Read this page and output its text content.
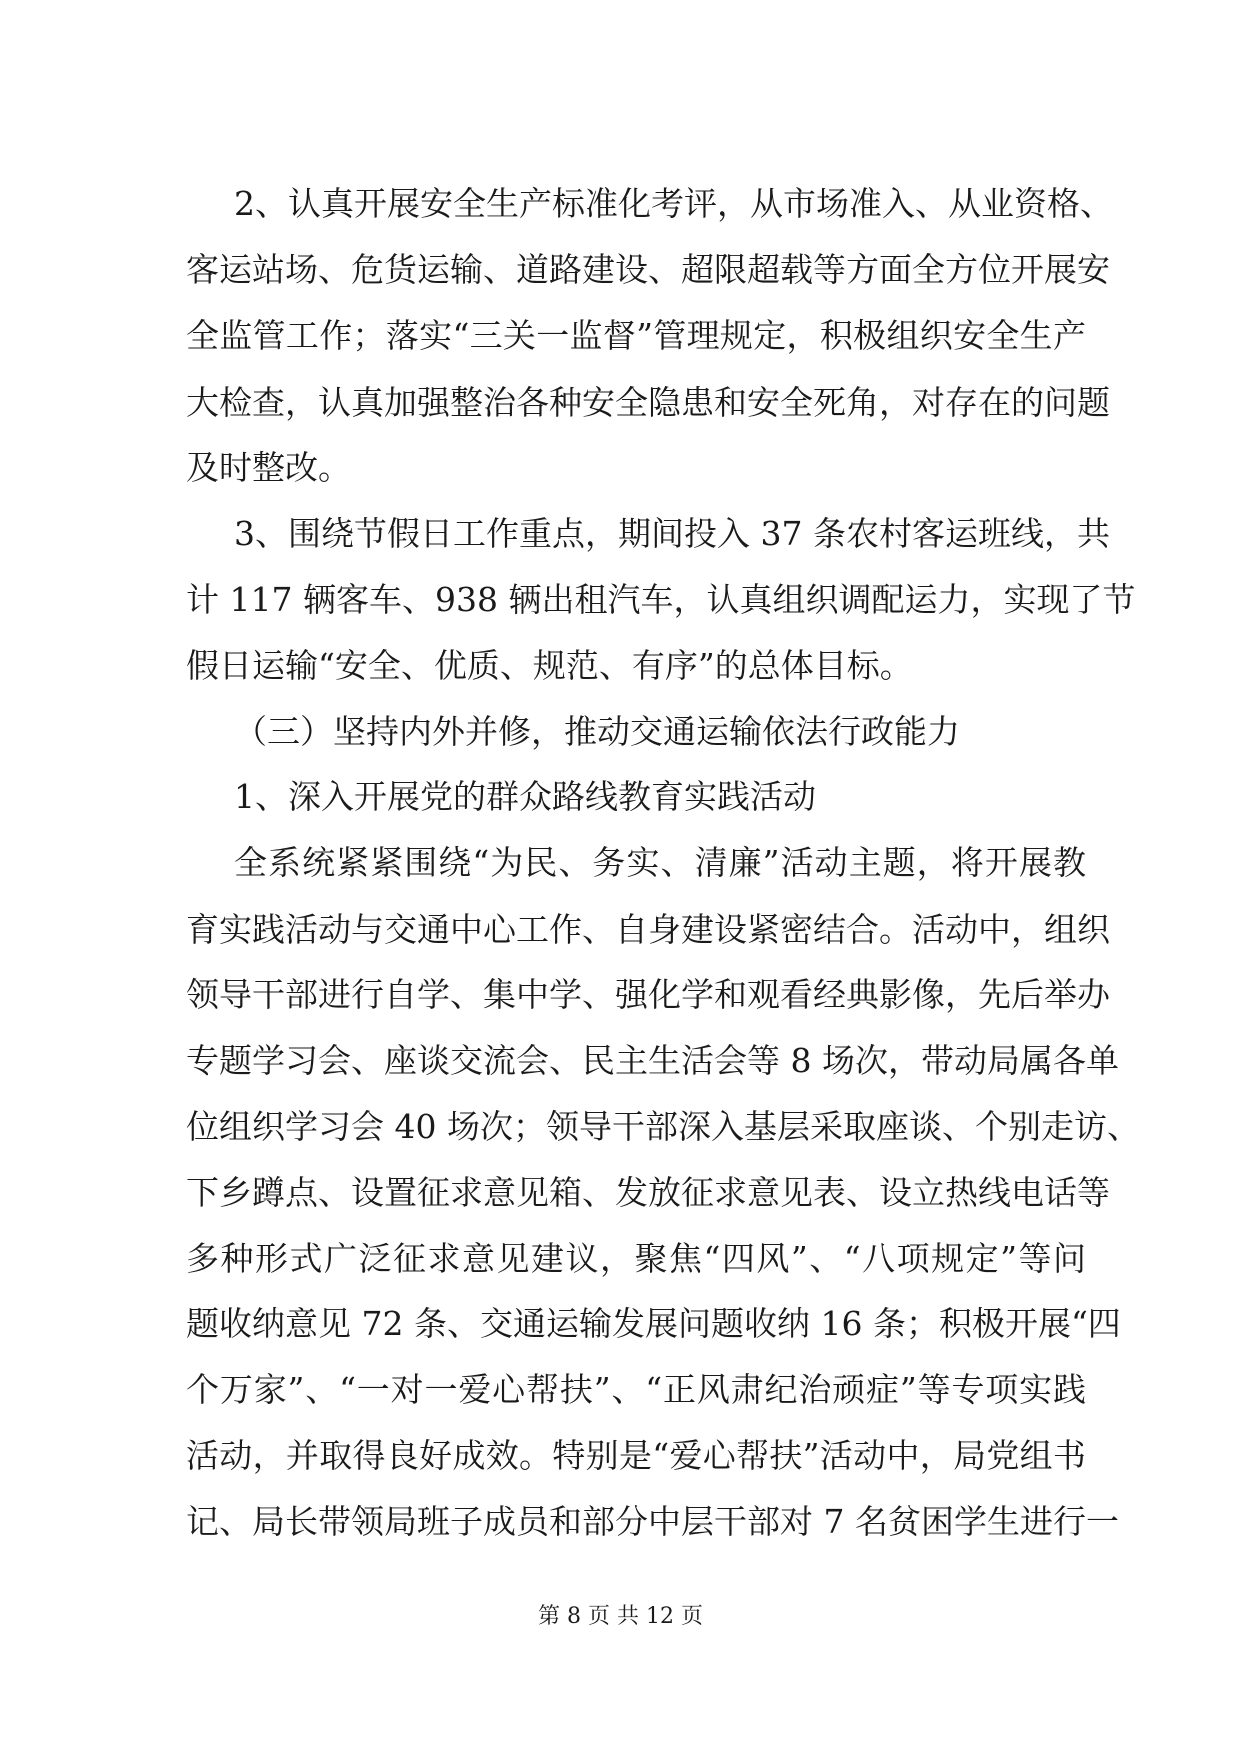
2、认真开展安全生产标准化考评，从市场准入、从业资格、
客运站场、危货运输、道路建设、超限超载等方面全方位开展安
全监管工作；落实“三关一监督”管理规定，积极组织安全生产
大检查，认真加强整治各种安全隐患和安全死角，对存在的问题
及时整改。
3、围绕节假日工作重点，期间投入 37 条农村客运班线，共
计 117 辆客车、938 辆出租汽车，认真组织调配运力，实现了节
假日运输“安全、优质、规范、有序”的总体目标。
（三）坚持内外并修，推动交通运输依法行政能力
1、深入开展党的群众路线教育实践活动
全系统紧紧围绕“为民、务实、清廉”活动主题，将开展教
育实践活动与交通中心工作、自身建设紧密结合。活动中，组织
领导干部进行自学、集中学、强化学和观看经典影像，先后举办
专题学习会、座谈交流会、民主生活会等 8 场次，带动局属各单
位组织学习会 40 场次；领导干部深入基层采取座谈、个别走访、
下乡蹲点、设置征求意见箱、发放征求意见表、设立热线电话等
多种形式广泛征求意见建议，聚焦“四风”、“八项规定”等问
题收纳意见 72 条、交通运输发展问题收纳 16 条；积极开展“四
个万家”、“一对一爱心帮扶”、“正风肃纪治顽症”等专项实践
活动，并取得良好成效。特别是“爱心帮扶”活动中，局党组书
记、局长带领局班子成员和部分中层干部对 7 名贫困学生进行一
第 8 页 共 12 页
